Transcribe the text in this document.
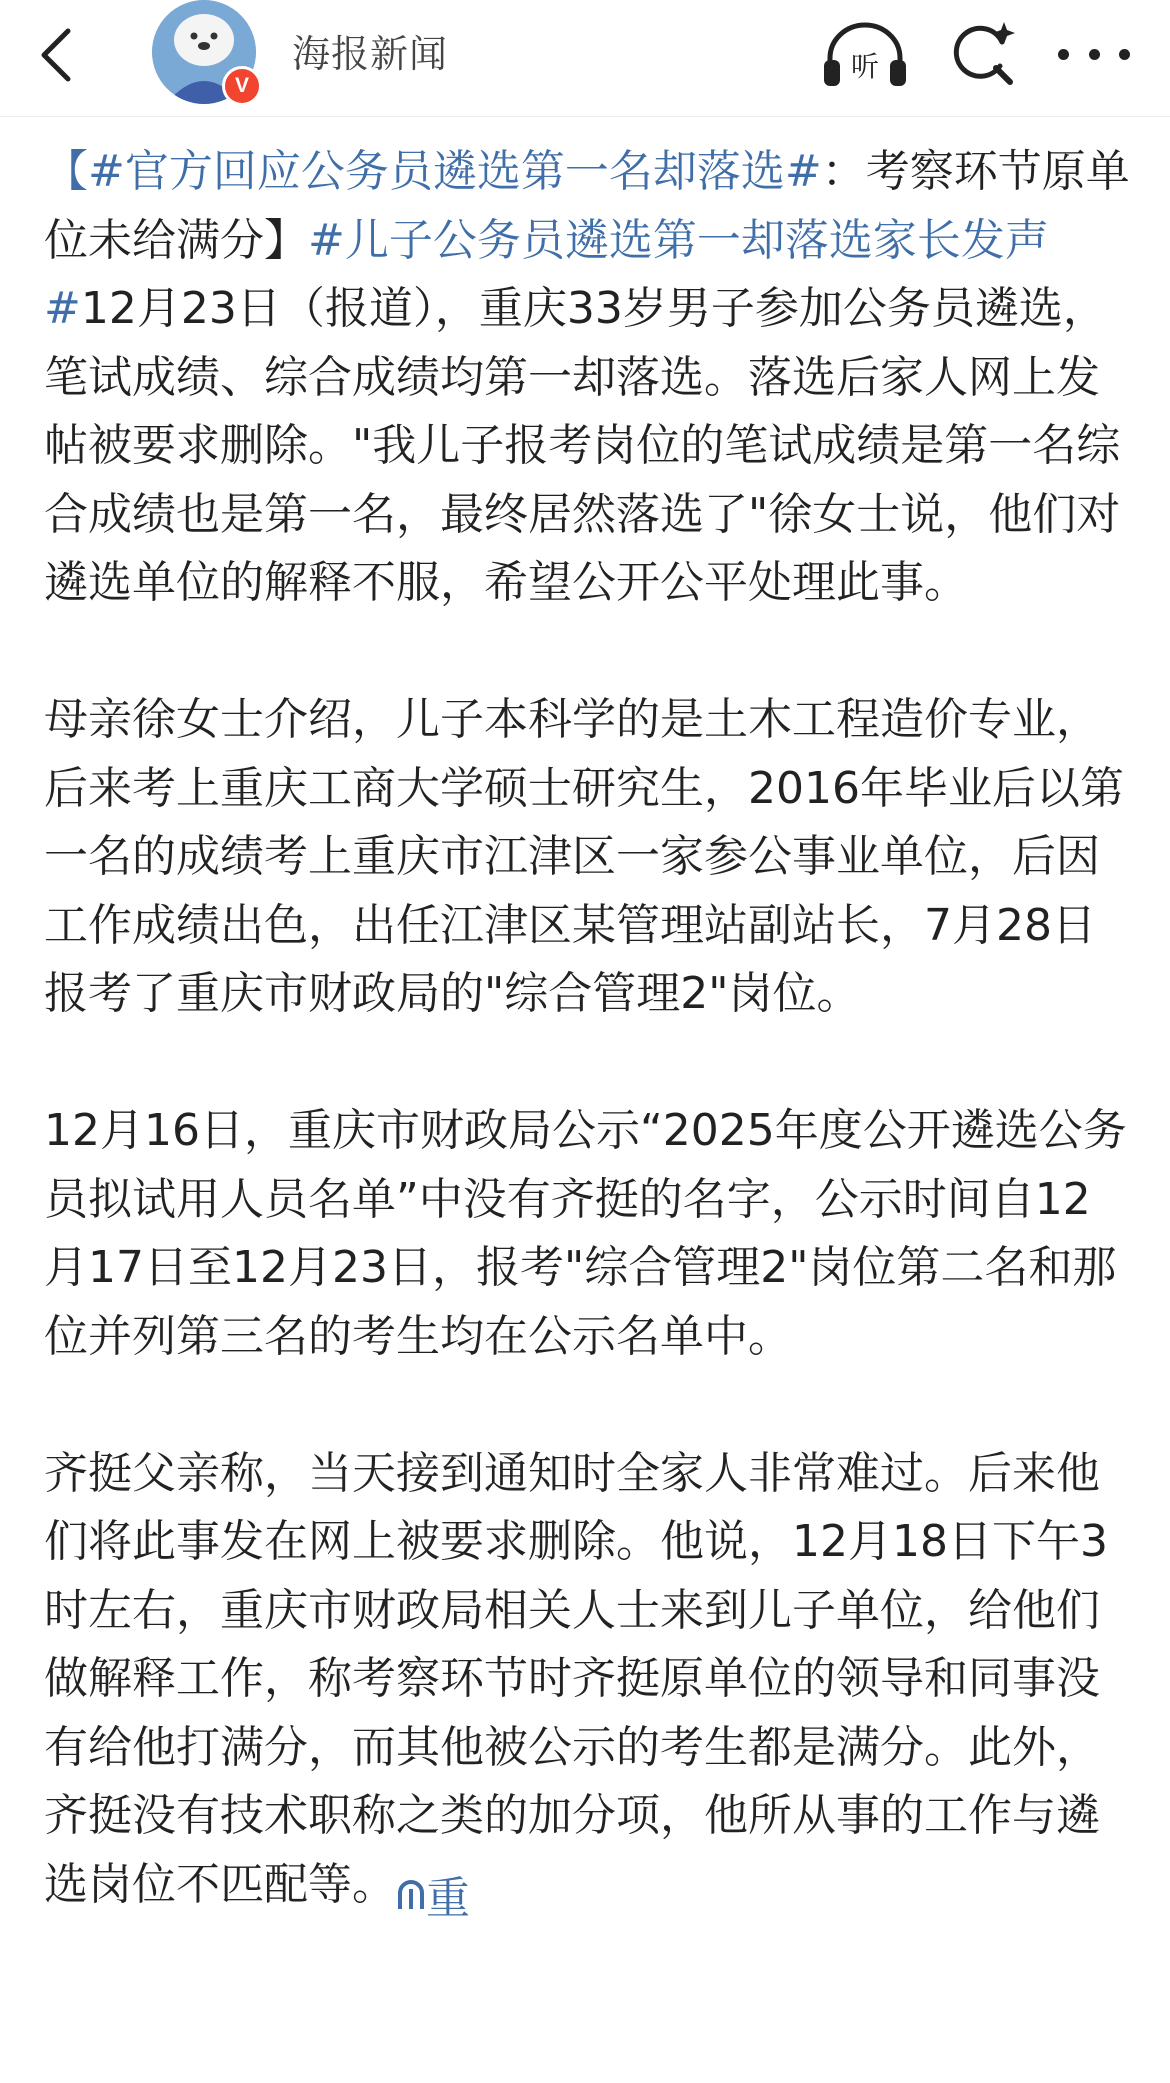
V
海报新闻	听

【#官方回应公务员遴选第一名却落选#：考察环节原单位未给满分】#儿子公务员遴选第一却落选家长发声#12月23日（报道），重庆33岁男子参加公务员遴选，笔试成绩、综合成绩均第一却落选。落选后家人网上发帖被要求删除。"我儿子报考岗位的笔试成绩是第一名综合成绩也是第一名，最终居然落选了"徐女士说，他们对遴选单位的解释不服，希望公开公平处理此事。

母亲徐女士介绍，儿子本科学的是土木工程造价专业，后来考上重庆工商大学硕士研究生，2016年毕业后以第一名的成绩考上重庆市江津区一家参公事业单位，后因工作成绩出色，出任江津区某管理站副站长，7月28日报考了重庆市财政局的"综合管理2"岗位。

12月16日，重庆市财政局公示“2025年度公开遴选公务员拟试用人员名单”中没有齐挺的名字，公示时间自12月17日至12月23日，报考"综合管理2"岗位第二名和那位并列第三名的考生均在公示名单中。

齐挺父亲称，当天接到通知时全家人非常难过。后来他们将此事发在网上被要求删除。他说，12月18日下午3时左右，重庆市财政局相关人士来到儿子单位，给他们做解释工作，称考察环节时齐挺原单位的领导和同事没有给他打满分，而其他被公示的考生都是满分。此外，齐挺没有技术职称之类的加分项，他所从事的工作与遴选岗位不匹配等。 重
